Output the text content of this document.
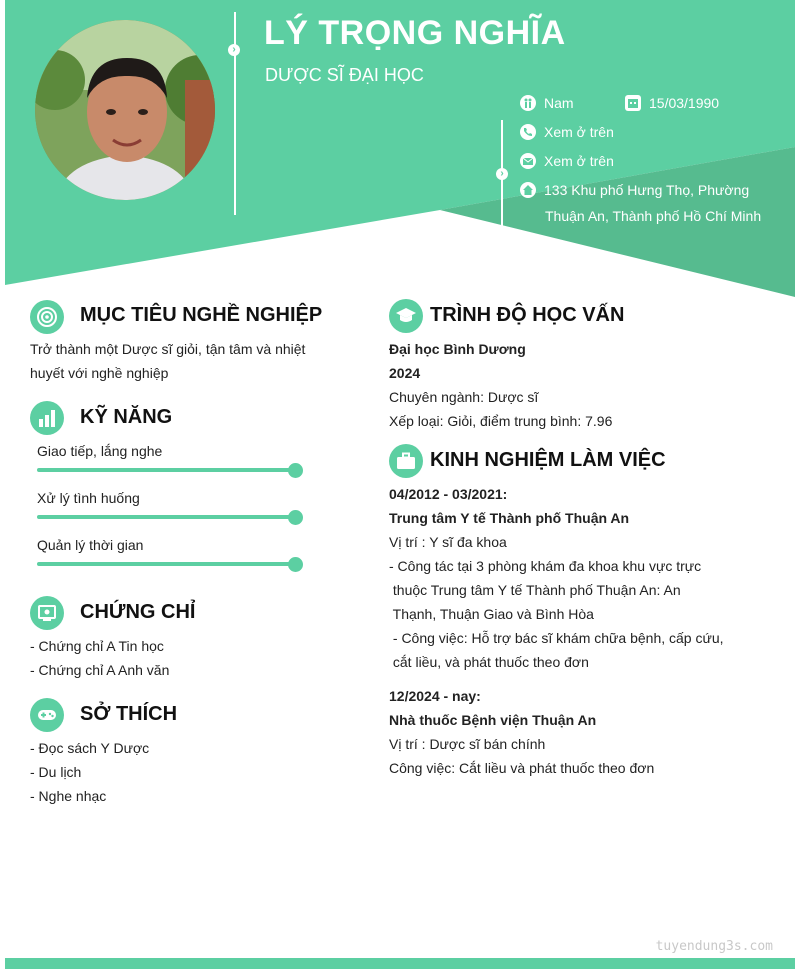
›
›
LÝ TRỌNG NGHĨA
DƯỢC SĨ ĐẠI HỌC
Nam	15/03/1990
Xem ở trên
Xem ở trên
133 Khu phố Hưng Thọ, Phường
Thuận An, Thành phố Hồ Chí Minh
MỤC TIÊU NGHỀ NGHIỆP
Trở thành một Dược sĩ giỏi, tận tâm và nhiệt
huyết với nghề nghiệp
KỸ NĂNG
Giao tiếp, lắng nghe
Xử lý tình huống
Quản lý thời gian
CHỨNG CHỈ
- Chứng chỉ A Tin học
- Chứng chỉ A Anh văn
SỞ THÍCH
- Đọc sách Y Dược
- Du lịch
- Nghe nhạc
TRÌNH ĐỘ HỌC VẤN
Đại học Bình Dương
2024
Chuyên ngành: Dược sĩ
Xếp loại: Giỏi, điểm trung bình: 7.96
KINH NGHIỆM LÀM VIỆC
04/2012 - 03/2021:
Trung tâm Y tế Thành phố Thuận An
Vị trí : Y sĩ đa khoa
- Công tác tại 3 phòng khám đa khoa khu vực trực
thuộc Trung tâm Y tế Thành phố Thuận An: An
Thạnh, Thuận Giao và Bình Hòa
- Công việc: Hỗ trợ bác sĩ khám chữa bệnh, cấp cứu,
cắt liều, và phát thuốc theo đơn
12/2024 - nay:
Nhà thuốc Bệnh viện Thuận An
Vị trí : Dược sĩ bán chính
Công việc: Cắt liều và phát thuốc theo đơn
tuyendung3s.com
